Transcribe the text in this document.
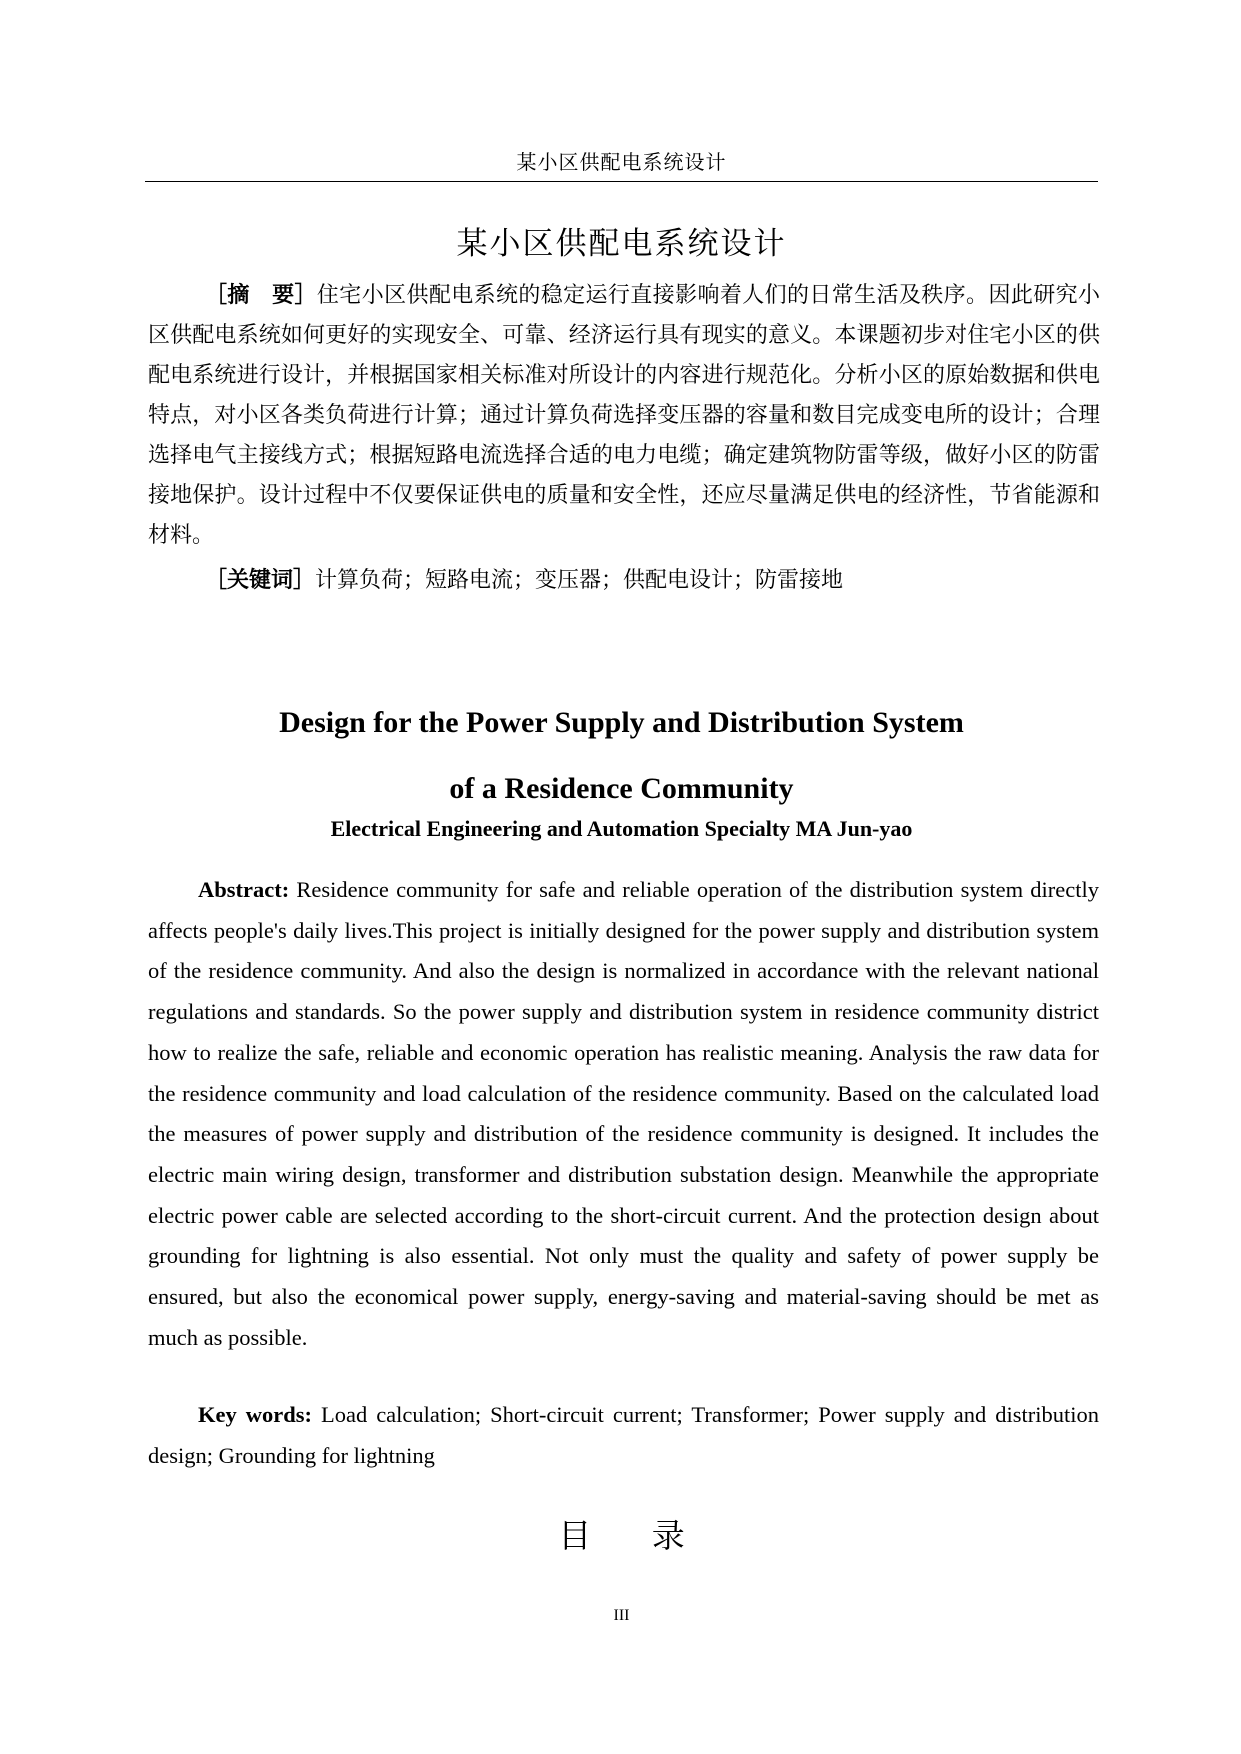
某小区供配电系统设计
某小区供配电系统设计

［摘　要］住宅小区供配电系统的稳定运行直接影响着人们的日常生活及秩序。因此研究小区供配电系统如何更好的实现安全、可靠、经济运行具有现实的意义。本课题初步对住宅小区的供配电系统进行设计，并根据国家相关标准对所设计的内容进行规范化。分析小区的原始数据和供电特点，对小区各类负荷进行计算；通过计算负荷选择变压器的容量和数目完成变电所的设计；合理选择电气主接线方式；根据短路电流选择合适的电力电缆；确定建筑物防雷等级，做好小区的防雷接地保护。设计过程中不仅要保证供电的质量和安全性，还应尽量满足供电的经济性，节省能源和材料。

［关键词］计算负荷；短路电流；变压器；供配电设计；防雷接地
Design for the Power Supply and Distribution System
of a Residence Community
Electrical Engineering and Automation Specialty MA Jun-yao

Abstract: Residence community for safe and reliable operation of the distribution system directly affects people's daily lives.This project is initially designed for the power supply and distribution system of the residence community. And also the design is normalized in accordance with the relevant national regulations and standards. So the power supply and distribution system in residence community district how to realize the safe, reliable and economic operation has realistic meaning. Analysis the raw data for the residence community and load calculation of the residence community. Based on the calculated load the measures of power supply and distribution of the residence community is designed. It includes the electric main wiring design, transformer and distribution substation design. Meanwhile the appropriate electric power cable are selected according to the short-circuit current. And the protection design about grounding for lightning is also essential. Not only must the quality and safety of power supply be ensured, but also the economical power supply, energy-saving and material-saving should be met as much as possible.

Key words: Load calculation; Short-circuit current; Transformer; Power supply and distribution design; Grounding for lightning
目 录
III
